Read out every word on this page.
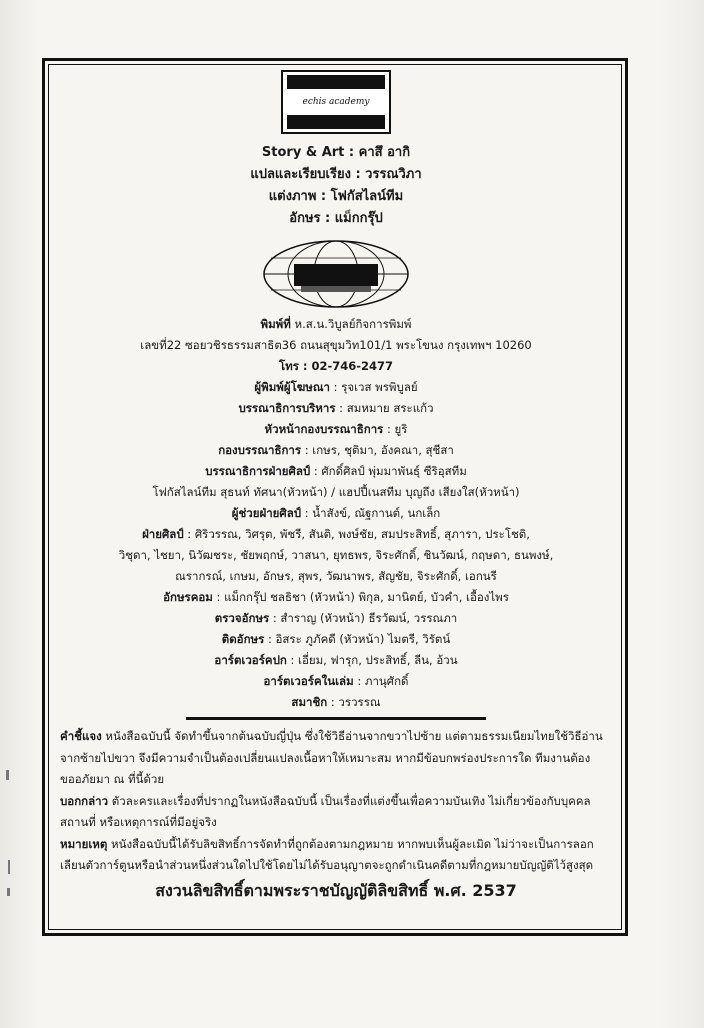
echis academy
Story & Art : คาสึ อากิ
แปลและเรียบเรียง : วรรณวิภา
แต่งภาพ : โฟกัสไลน์ทีม
อักษร : แม็กกรุ๊ป
พิมพ์ที่ ห.ส.น.วิบูลย์กิจการพิมพ์
เลขที่22 ซอยวชิรธรรมสาธิต36 ถนนสุขุมวิท101/1 พระโขนง กรุงเทพฯ 10260
โทร : 02-746-2477
ผู้พิมพ์ผู้โฆษณา : รุจเวส พรพิบูลย์
บรรณาธิการบริหาร : สมหมาย สระแก้ว
หัวหน้ากองบรรณาธิการ : ยูริ
กองบรรณาธิการ : เกษร, ชุติมา, อังคณา, สุชีสา
บรรณาธิการฝ่ายศิลป์ : ศักดิ์ศิลป์ พุ่มมาพันธุ์ ซีริอุสทีม
โฟกัสไลน์ทีม สุธนท์ ทัศนา(หัวหน้า) / แฮปปี้เนสทีม บุญถึง เสียงใส(หัวหน้า)
ผู้ช่วยฝ่ายศิลป์ : น้ำสังข์, ณัฐกานต์, นกเล็ก
ฝ่ายศิลป์ : ศิริวรรณ, วิศรุต, พัชรี, สันติ, พงษ์ชัย, สมประสิทธิ์, สุภารา, ประโชติ,
วิชุดา, ไชยา, นิวัฒชระ, ชัยพฤกษ์, วาสนา, ยุทธพร, จิระศักดิ์, ชินวัฒน์, กฤษดา, ธนพงษ์,
ณรากรณ์, เกษม, อักษร, สุพร, วัฒนาพร, สัญชัย, จิระศักดิ์, เอกนรี
อักษรคอม : แม็กกรุ๊ป ชลธิชา (หัวหน้า) พิกุล, มานิตย์, บัวคำ, เอื้องไพร
ตรวจอักษร : สำราญ (หัวหน้า) ธีรวัฒน์, วรรณภา
ติดอักษร : อิสระ ภูภัคดี (หัวหน้า) ไมตรี, วิรัตน์
อาร์ตเวอร์คปก : เอี่ยม, ฟารุก, ประสิทธิ์, ลีน, อ้วน
อาร์ตเวอร์คในเล่ม : ภานุศักดิ์
สมาชิก : วรวรรณ
คำชี้แจง หนังสือฉบับนี้ จัดทำขึ้นจากต้นฉบับญี่ปุ่น ซึ่งใช้วิธีอ่านจากขวาไปซ้าย แต่ตามธรรมเนียมไทยใช้วิธีอ่านจากซ้ายไปขวา จึงมีความจำเป็นต้องเปลี่ยนแปลงเนื้อหาให้เหมาะสม หากมีข้อบกพร่องประการใด ทีมงานต้องขออภัยมา ณ ที่นี้ด้วย
บอกกล่าว ตัวละครและเรื่องที่ปรากฏในหนังสือฉบับนี้ เป็นเรื่องที่แต่งขึ้นเพื่อความบันเทิง ไม่เกี่ยวข้องกับบุคคล สถานที่ หรือเหตุการณ์ที่มีอยู่จริง
หมายเหตุ หนังสือฉบับนี้ได้รับลิขสิทธิ์การจัดทำที่ถูกต้องตามกฎหมาย หากพบเห็นผู้ละเมิด ไม่ว่าจะเป็นการลอกเลียนตัวการ์ตูนหรือนำส่วนหนึ่งส่วนใดไปใช้โดยไม่ได้รับอนุญาตจะถูกดำเนินคดีตามที่กฎหมายบัญญัติไว้สูงสุด
สงวนลิขสิทธิ์ตามพระราชบัญญัติลิขสิทธิ์ พ.ศ. 2537
